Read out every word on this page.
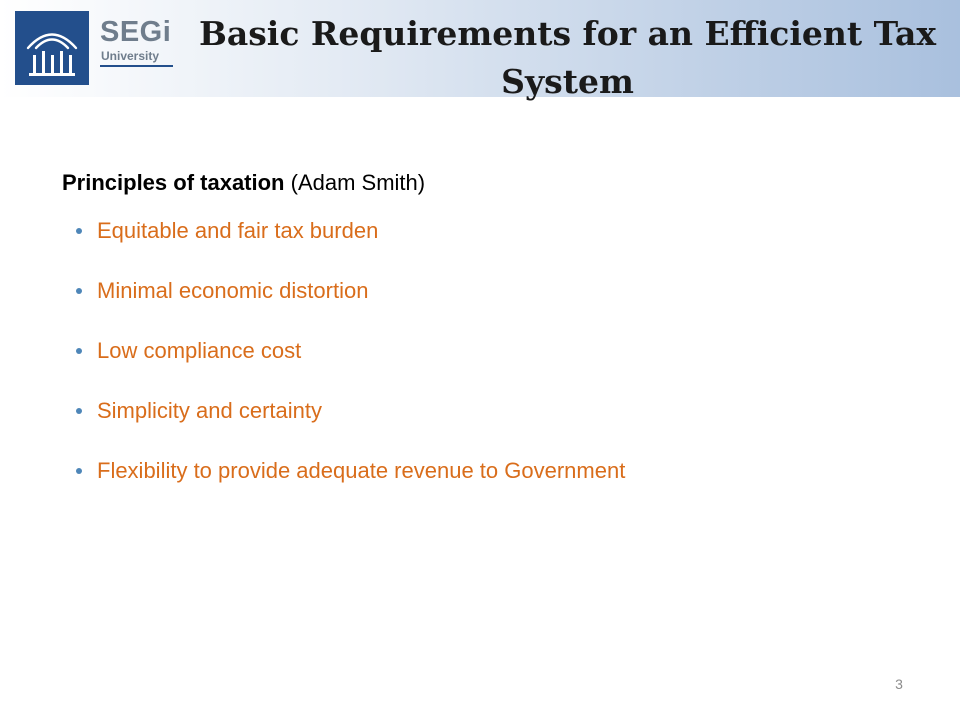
SEGi
University
Basic Requirements for an Efficient Tax System

Principles of taxation (Adam Smith)

Equitable and fair tax burden
Minimal economic distortion
Low compliance cost
Simplicity and certainty
Flexibility to provide adequate revenue to Government
3
